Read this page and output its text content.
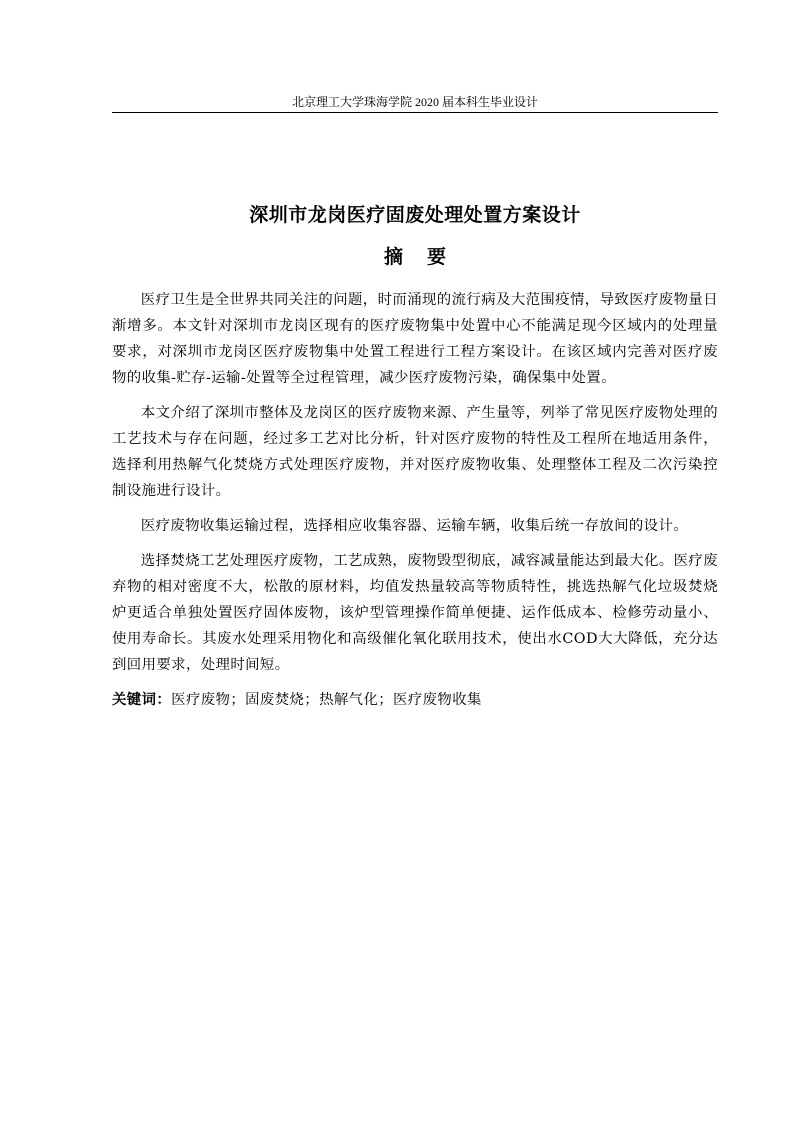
北京理工大学珠海学院 2020 届本科生毕业设计
深圳市龙岗医疗固废处理处置方案设计
摘 要

医疗卫生是全世界共同关注的问题，时而涌现的流行病及大范围疫情，导致医疗废物量日渐增多。本文针对深圳市龙岗区现有的医疗废物集中处置中心不能满足现今区域内的处理量要求，对深圳市龙岗区医疗废物集中处置工程进行工程方案设计。在该区域内完善对医疗废物的收集-贮存-运输-处置等全过程管理，减少医疗废物污染，确保集中处置。

本文介绍了深圳市整体及龙岗区的医疗废物来源、产生量等，列举了常见医疗废物处理的工艺技术与存在问题，经过多工艺对比分析，针对医疗废物的特性及工程所在地适用条件，选择利用热解气化焚烧方式处理医疗废物，并对医疗废物收集、处理整体工程及二次污染控制设施进行设计。

医疗废物收集运输过程，选择相应收集容器、运输车辆，收集后统一存放间的设计。

选择焚烧工艺处理医疗废物，工艺成熟，废物毁型彻底，减容减量能达到最大化。医疗废弃物的相对密度不大，松散的原材料，均值发热量较高等物质特性，挑选热解气化垃圾焚烧炉更适合单独处置医疗固体废物，该炉型管理操作简单便捷、运作低成本、检修劳动量小、使用寿命长。其废水处理采用物化和高级催化氧化联用技术，使出水COD大大降低，充分达到回用要求，处理时间短。

关键词：医疗废物；固废焚烧；热解气化；医疗废物收集
